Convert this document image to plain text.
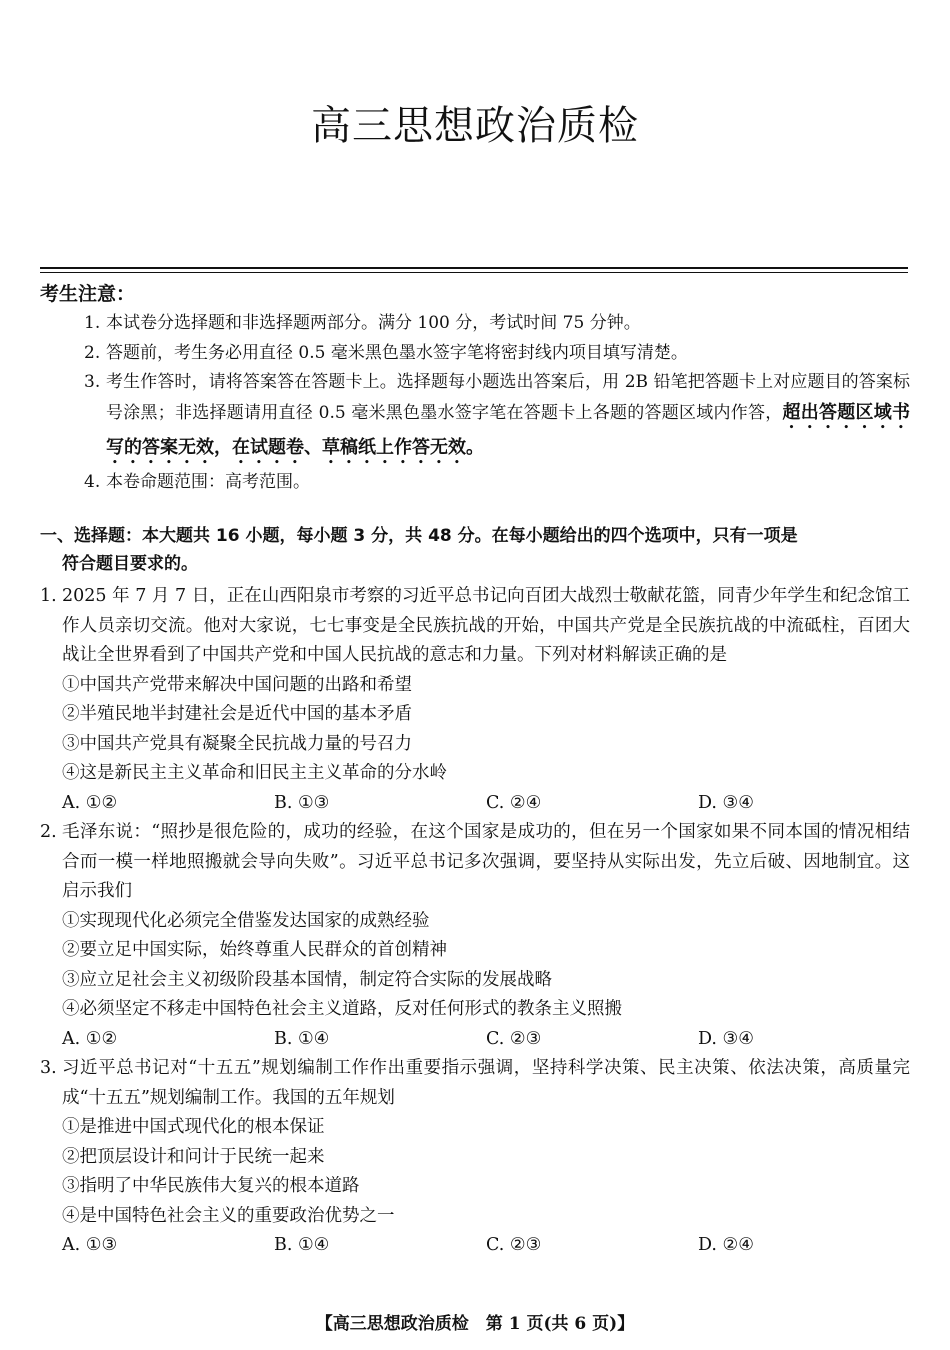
高三思想政治质检
考生注意：
1. 本试卷分选择题和非选择题两部分。满分 100 分，考试时间 75 分钟。
2. 答题前，考生务必用直径 0.5 毫米黑色墨水签字笔将密封线内项目填写清楚。
3. 考生作答时，请将答案答在答题卡上。选择题每小题选出答案后，用 2B 铅笔把答题卡上对应题目的答案标号涂黑；非选择题请用直径 0.5 毫米黑色墨水签字笔在答题卡上各题的答题区域内作答，超出答题区域书写的答案无效，在试题卷、草稿纸上作答无效。
4. 本卷命题范围：高考范围。
一、选择题：本大题共 16 小题，每小题 3 分，共 48 分。在每小题给出的四个选项中，只有一项是
符合题目要求的。
1. 2025 年 7 月 7 日，正在山西阳泉市考察的习近平总书记向百团大战烈士敬献花篮，同青少年学生和纪念馆工作人员亲切交流。他对大家说，七七事变是全民族抗战的开始，中国共产党是全民族抗战的中流砥柱，百团大战让全世界看到了中国共产党和中国人民抗战的意志和力量。下列对材料解读正确的是
①中国共产党带来解决中国问题的出路和希望
②半殖民地半封建社会是近代中国的基本矛盾
③中国共产党具有凝聚全民抗战力量的号召力
④这是新民主主义革命和旧民主主义革命的分水岭
A. ①②	B. ①③	C. ②④	D. ③④
2. 毛泽东说：“照抄是很危险的，成功的经验，在这个国家是成功的，但在另一个国家如果不同本国的情况相结合而一模一样地照搬就会导向失败”。习近平总书记多次强调，要坚持从实际出发，先立后破、因地制宜。这启示我们
①实现现代化必须完全借鉴发达国家的成熟经验
②要立足中国实际，始终尊重人民群众的首创精神
③应立足社会主义初级阶段基本国情，制定符合实际的发展战略
④必须坚定不移走中国特色社会主义道路，反对任何形式的教条主义照搬
A. ①②	B. ①④	C. ②③	D. ③④
3. 习近平总书记对“十五五”规划编制工作作出重要指示强调，坚持科学决策、民主决策、依法决策，高质量完成“十五五”规划编制工作。我国的五年规划
①是推进中国式现代化的根本保证
②把顶层设计和问计于民统一起来
③指明了中华民族伟大复兴的根本道路
④是中国特色社会主义的重要政治优势之一
A. ①③	B. ①④	C. ②③	D. ②④
【高三思想政治质检　第 1 页(共 6 页)】
